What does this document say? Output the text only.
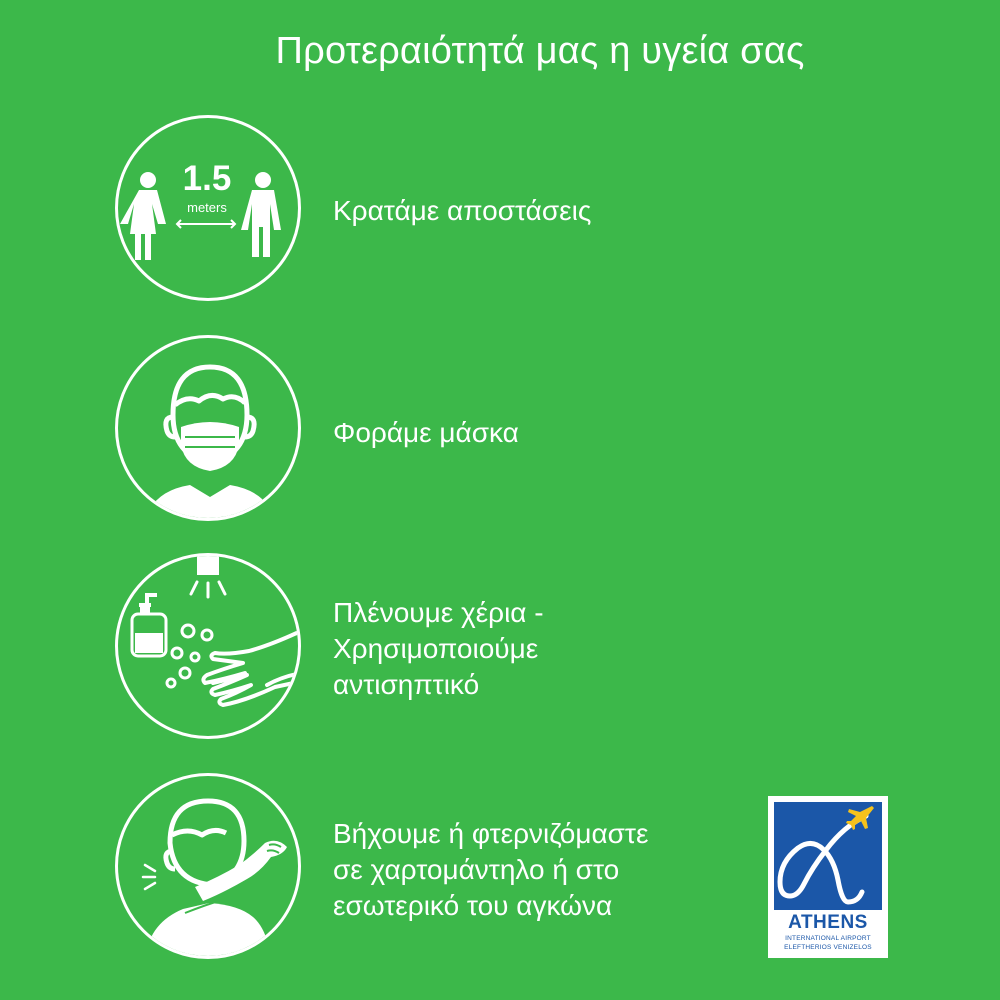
Προτεραιότητά μας η υγεία σας
1.5
meters	Κρατάμε αποστάσεις
Φοράμε μάσκα
Πλένουμε χέρια -
Χρησιμοποιούμε
αντισηπτικό
Βήχουμε ή φτερνιζόμαστε
σε χαρτομάντηλο ή στο
εσωτερικό του αγκώνα
ATHENS
INTERNATIONAL AIRPORT
ELEFTHERIOS VENIZELOS
